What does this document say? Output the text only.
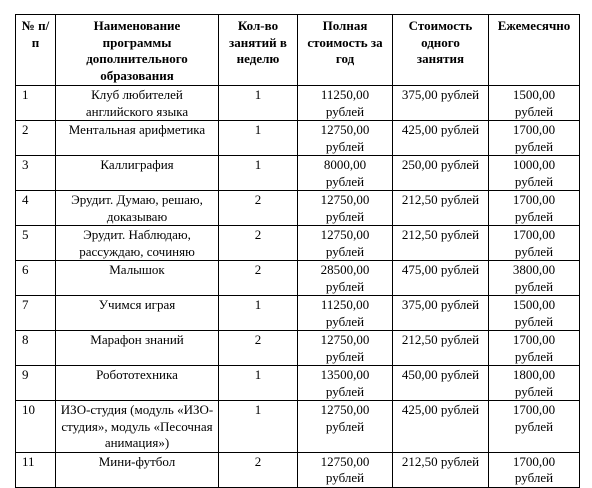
№ п/п	Наименование программы дополнительного образования	Кол-во занятий в неделю	Полная стоимость за год	Стоимость одного занятия	Ежемесячно
1	Клуб любителей английского языка	1	11250,00 рублей	375,00 рублей	1500,00 рублей
2	Ментальная арифметика	1	12750,00 рублей	425,00 рублей	1700,00 рублей
3	Каллиграфия	1	8000,00 рублей	250,00 рублей	1000,00 рублей
4	Эрудит. Думаю, решаю, доказываю	2	12750,00 рублей	212,50 рублей	1700,00 рублей
5	Эрудит. Наблюдаю, рассуждаю, сочиняю	2	12750,00 рублей	212,50 рублей	1700,00 рублей
6	Малышок	2	28500,00 рублей	475,00 рублей	3800,00 рублей
7	Учимся играя	1	11250,00 рублей	375,00 рублей	1500,00 рублей
8	Марафон знаний	2	12750,00 рублей	212,50 рублей	1700,00 рублей
9	Робототехника	1	13500,00 рублей	450,00 рублей	1800,00 рублей
10	ИЗО-студия (модуль «ИЗО-студия», модуль «Песочная анимация»)	1	12750,00 рублей	425,00 рублей	1700,00 рублей
11	Мини-футбол	2	12750,00 рублей	212,50 рублей	1700,00 рублей
